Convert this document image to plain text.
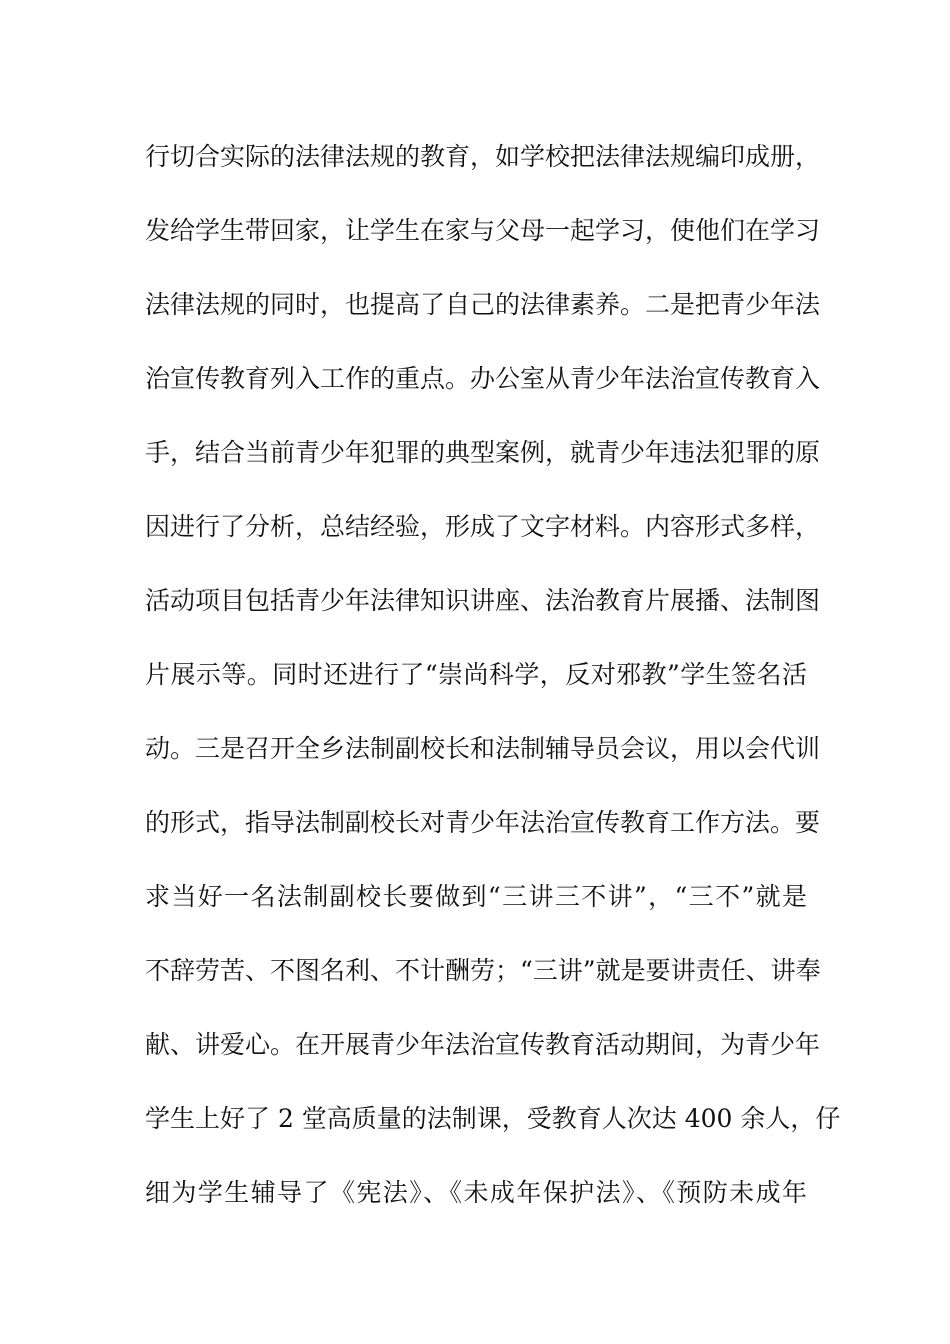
行切合实际的法律法规的教育，如学校把法律法规编印成册，
发给学生带回家，让学生在家与父母一起学习，使他们在学习
法律法规的同时，也提高了自己的法律素养。二是把青少年法
治宣传教育列入工作的重点。办公室从青少年法治宣传教育入
手，结合当前青少年犯罪的典型案例，就青少年违法犯罪的原
因进行了分析，总结经验，形成了文字材料。内容形式多样，
活动项目包括青少年法律知识讲座、法治教育片展播、法制图
片展示等。同时还进行了“崇尚科学，反对邪教”学生签名活
动。三是召开全乡法制副校长和法制辅导员会议，用以会代训
的形式，指导法制副校长对青少年法治宣传教育工作方法。要
求当好一名法制副校长要做到“三讲三不讲”，“三不”就是
不辞劳苦、不图名利、不计酬劳；“三讲”就是要讲责任、讲奉
献、讲爱心。在开展青少年法治宣传教育活动期间，为青少年
学生上好了 2 堂高质量的法制课，受教育人次达 400 余人，仔
细为学生辅导了《宪法》、《未成年保护法》、《预防未成年
